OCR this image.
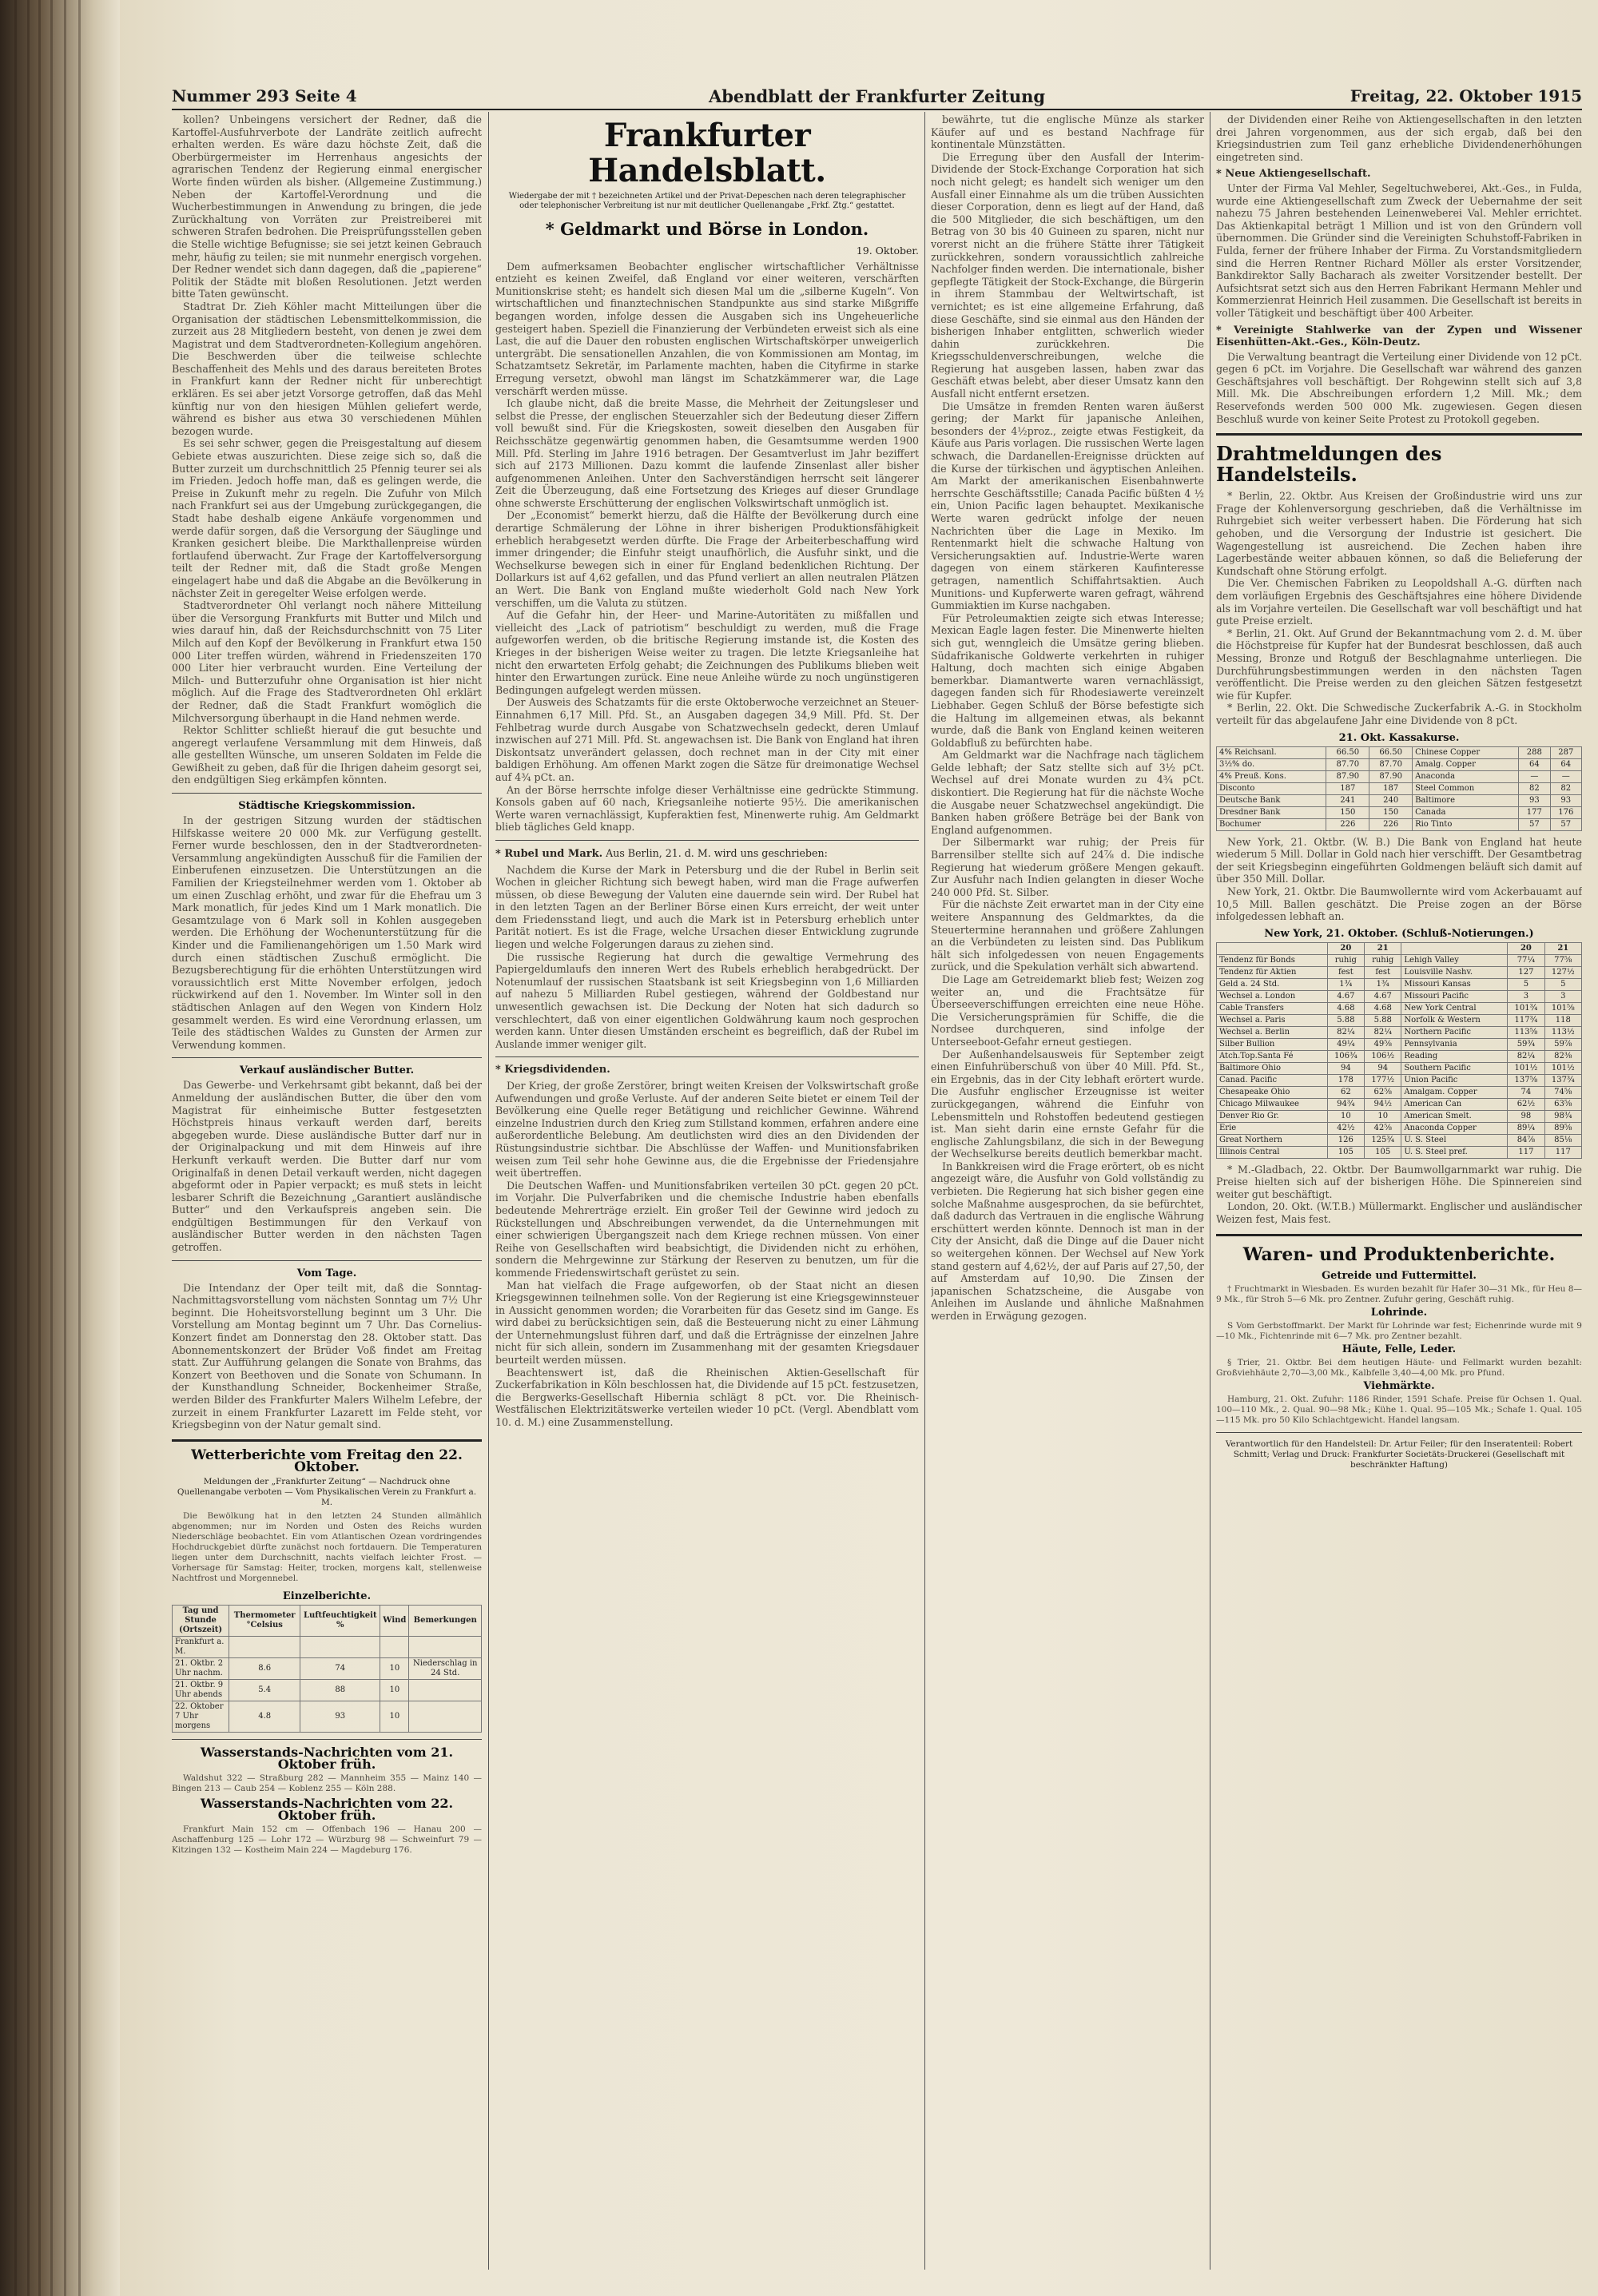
Nummer 293 Seite 4	Abendblatt der Frankfurter Zeitung	Freitag, 22. Oktober 1915

kollen? Unbeingens versichert der Redner, daß die Kartoffel-Ausfuhrverbote der Landräte zeitlich aufrecht erhalten werden. Es wäre dazu höchste Zeit, daß die Oberbürgermeister im Herrenhaus angesichts der agrarischen Tendenz der Regierung einmal energischer Worte finden würden als bisher. (Allgemeine Zustimmung.) Neben der Kartoffel-Verordnung und die Wucherbestimmungen in Anwendung zu bringen, die jede Zurückhaltung von Vorräten zur Preistreiberei mit schweren Strafen bedrohen. Die Preisprüfungsstellen geben die Stelle wichtige Befugnisse; sie sei jetzt keinen Gebrauch mehr, häufig zu teilen; sie mit nunmehr energisch vorgehen. Der Redner wendet sich dann dagegen, daß die „papierene“ Politik der Städte mit bloßen Resolutionen. Jetzt werden bitte Taten gewünscht.

Stadtrat Dr. Zieh Köhler macht Mitteilungen über die Organisation der städtischen Lebensmittelkommission, die zurzeit aus 28 Mitgliedern besteht, von denen je zwei dem Magistrat und dem Stadtverordneten-Kollegium angehören. Die Beschwerden über die teilweise schlechte Beschaffenheit des Mehls und des daraus bereiteten Brotes in Frankfurt kann der Redner nicht für unberechtigt erklären. Es sei aber jetzt Vorsorge getroffen, daß das Mehl künftig nur von den hiesigen Mühlen geliefert werde, während es bisher aus etwa 30 verschiedenen Mühlen bezogen wurde.

Es sei sehr schwer, gegen die Preisgestaltung auf diesem Gebiete etwas auszurichten. Diese zeige sich so, daß die Butter zurzeit um durchschnittlich 25 Pfennig teurer sei als im Frieden. Jedoch hoffe man, daß es gelingen werde, die Preise in Zukunft mehr zu regeln. Die Zufuhr von Milch nach Frankfurt sei aus der Umgebung zurückgegangen, die Stadt habe deshalb eigene Ankäufe vorgenommen und werde dafür sorgen, daß die Versorgung der Säuglinge und Kranken gesichert bleibe. Die Markthallenpreise würden fortlaufend überwacht. Zur Frage der Kartoffelversorgung teilt der Redner mit, daß die Stadt große Mengen eingelagert habe und daß die Abgabe an die Bevölkerung in nächster Zeit in geregelter Weise erfolgen werde.

Stadtverordneter Ohl verlangt noch nähere Mitteilung über die Versorgung Frankfurts mit Butter und Milch und wies darauf hin, daß der Reichsdurchschnitt von 75 Liter Milch auf den Kopf der Bevölkerung in Frankfurt etwa 150 000 Liter treffen würden, während in Friedenszeiten 170 000 Liter hier verbraucht wurden. Eine Verteilung der Milch- und Butterzufuhr ohne Organisation ist hier nicht möglich. Auf die Frage des Stadtverordneten Ohl erklärt der Redner, daß die Stadt Frankfurt womöglich die Milchversorgung überhaupt in die Hand nehmen werde.

Rektor Schlitter schließt hierauf die gut besuchte und angeregt verlaufene Versammlung mit dem Hinweis, daß alle gestellten Wünsche, um unseren Soldaten im Felde die Gewißheit zu geben, daß für die Ihrigen daheim gesorgt sei, den endgültigen Sieg erkämpfen könnten.

Städtische Kriegskommission.

In der gestrigen Sitzung wurden der städtischen Hilfskasse weitere 20 000 Mk. zur Verfügung gestellt. Ferner wurde beschlossen, den in der Stadtverordneten-Versammlung angekündigten Ausschuß für die Familien der Einberufenen einzusetzen. Die Unterstützungen an die Familien der Kriegsteilnehmer werden vom 1. Oktober ab um einen Zuschlag erhöht, und zwar für die Ehefrau um 3 Mark monatlich, für jedes Kind um 1 Mark monatlich. Die Gesamtzulage von 6 Mark soll in Kohlen ausgegeben werden. Die Erhöhung der Wochenunterstützung für die Kinder und die Familienangehörigen um 1.50 Mark wird durch einen städtischen Zuschuß ermöglicht. Die Bezugsberechtigung für die erhöhten Unterstützungen wird voraussichtlich erst Mitte November erfolgen, jedoch rückwirkend auf den 1. November. Im Winter soll in den städtischen Anlagen auf den Wegen von Kindern Holz gesammelt werden. Es wird eine Verordnung erlassen, um Teile des städtischen Waldes zu Gunsten der Armen zur Verwendung kommen.

Verkauf ausländischer Butter.

Das Gewerbe- und Verkehrsamt gibt bekannt, daß bei der Anmeldung der ausländischen Butter, die über den vom Magistrat für einheimische Butter festgesetzten Höchstpreis hinaus verkauft werden darf, bereits abgegeben wurde. Diese ausländische Butter darf nur in der Originalpackung und mit dem Hinweis auf ihre Herkunft verkauft werden. Die Butter darf nur vom Originalfaß in denen Detail verkauft werden, nicht dagegen abgeformt oder in Papier verpackt; es muß stets in leicht lesbarer Schrift die Bezeichnung „Garantiert ausländische Butter“ und den Verkaufspreis angeben sein. Die endgültigen Bestimmungen für den Verkauf von ausländischer Butter werden in den nächsten Tagen getroffen.

Vom Tage.

Die Intendanz der Oper teilt mit, daß die Sonntag-Nachmittagsvorstellung vom nächsten Sonntag um 7½ Uhr beginnt. Die Hoheitsvorstellung beginnt um 3 Uhr. Die Vorstellung am Montag beginnt um 7 Uhr. Das Cornelius-Konzert findet am Donnerstag den 28. Oktober statt. Das Abonnementskonzert der Brüder Voß findet am Freitag statt. Zur Aufführung gelangen die Sonate von Brahms, das Konzert von Beethoven und die Sonate von Schumann. In der Kunsthandlung Schneider, Bockenheimer Straße, werden Bilder des Frankfurter Malers Wilhelm Lefebre, der zurzeit in einem Frankfurter Lazarett im Felde steht, vor Kriegsbeginn von der Natur gemalt sind.

Wetterberichte vom Freitag den 22. Oktober.
Meldungen der „Frankfurter Zeitung“ — Nachdruck ohne Quellenangabe verboten — Vom Physikalischen Verein zu Frankfurt a. M.

Die Bewölkung hat in den letzten 24 Stunden allmählich abgenommen; nur im Norden und Osten des Reichs wurden Niederschläge beobachtet. Ein vom Atlantischen Ozean vordringendes Hochdruckgebiet dürfte zunächst noch fortdauern. Die Temperaturen liegen unter dem Durchschnitt, nachts vielfach leichter Frost. — Vorhersage für Samstag: Heiter, trocken, morgens kalt, stellenweise Nachtfrost und Morgennebel.

Einzelberichte.
Tag und Stunde (Ortszeit)	Thermometer °Celsius	Luftfeuchtigkeit %	Wind	Bemerkungen
Frankfurt a. M.				
21. Oktbr. 2 Uhr nachm.	8.6	74	10	Niederschlag in 24 Std.
21. Oktbr. 9 Uhr abends	5.4	88	10	
22. Oktober 7 Uhr morgens	4.8	93	10	
Wasserstands-Nachrichten vom 21. Oktober früh.

Waldshut 322 — Straßburg 282 — Mannheim 355 — Mainz 140 — Bingen 213 — Caub 254 — Koblenz 255 — Köln 288.

Wasserstands-Nachrichten vom 22. Oktober früh.

Frankfurt Main 152 cm — Offenbach 196 — Hanau 200 — Aschaffenburg 125 — Lohr 172 — Würzburg 98 — Schweinfurt 79 — Kitzingen 132 — Kostheim Main 224 — Magdeburg 176.

Frankfurter Handelsblatt.
Wiedergabe der mit † bezeichneten Artikel und der Privat-Depeschen nach deren telegraphischer oder telephonischer Verbreitung ist nur mit deutlicher Quellenangabe „Frkf. Ztg.“ gestattet.
* Geldmarkt und Börse in London.
19. Oktober.

Dem aufmerksamen Beobachter englischer wirtschaftlicher Verhältnisse entzieht es keinen Zweifel, daß England vor einer weiteren, verschärften Munitionskrise steht; es handelt sich diesen Mal um die „silberne Kugeln“. Von wirtschaftlichen und finanztechnischen Standpunkte aus sind starke Mißgriffe begangen worden, infolge dessen die Ausgaben sich ins Ungeheuerliche gesteigert haben. Speziell die Finanzierung der Verbündeten erweist sich als eine Last, die auf die Dauer den robusten englischen Wirtschaftskörper unweigerlich untergräbt. Die sensationellen Anzahlen, die von Kommissionen am Montag, im Schatzamtsetz Sekretär, im Parlamente machten, haben die Cityfirme in starke Erregung versetzt, obwohl man längst im Schatzkämmerer war, die Lage verschärft werden müsse.

Ich glaube nicht, daß die breite Masse, die Mehrheit der Zeitungsleser und selbst die Presse, der englischen Steuerzahler sich der Bedeutung dieser Ziffern voll bewußt sind. Für die Kriegskosten, soweit dieselben den Ausgaben für Reichsschätze gegenwärtig genommen haben, die Gesamtsumme werden 1900 Mill. Pfd. Sterling im Jahre 1916 betragen. Der Gesamtverlust im Jahr beziffert sich auf 2173 Millionen. Dazu kommt die laufende Zinsenlast aller bisher aufgenommenen Anleihen. Unter den Sachverständigen herrscht seit längerer Zeit die Überzeugung, daß eine Fortsetzung des Krieges auf dieser Grundlage ohne schwerste Erschütterung der englischen Volkswirtschaft unmöglich ist.

Der „Economist“ bemerkt hierzu, daß die Hälfte der Bevölkerung durch eine derartige Schmälerung der Löhne in ihrer bisherigen Produktionsfähigkeit erheblich herabgesetzt werden dürfte. Die Frage der Arbeiterbeschaffung wird immer dringender; die Einfuhr steigt unaufhörlich, die Ausfuhr sinkt, und die Wechselkurse bewegen sich in einer für England bedenklichen Richtung. Der Dollarkurs ist auf 4,62 gefallen, und das Pfund verliert an allen neutralen Plätzen an Wert. Die Bank von England mußte wiederholt Gold nach New York verschiffen, um die Valuta zu stützen.

Auf die Gefahr hin, der Heer- und Marine-Autoritäten zu mißfallen und vielleicht des „Lack of patriotism“ beschuldigt zu werden, muß die Frage aufgeworfen werden, ob die britische Regierung imstande ist, die Kosten des Krieges in der bisherigen Weise weiter zu tragen. Die letzte Kriegsanleihe hat nicht den erwarteten Erfolg gehabt; die Zeichnungen des Publikums blieben weit hinter den Erwartungen zurück. Eine neue Anleihe würde zu noch ungünstigeren Bedingungen aufgelegt werden müssen.

Der Ausweis des Schatzamts für die erste Oktoberwoche verzeichnet an Steuer-Einnahmen 6,17 Mill. Pfd. St., an Ausgaben dagegen 34,9 Mill. Pfd. St. Der Fehlbetrag wurde durch Ausgabe von Schatzwechseln gedeckt, deren Umlauf inzwischen auf 271 Mill. Pfd. St. angewachsen ist. Die Bank von England hat ihren Diskontsatz unverändert gelassen, doch rechnet man in der City mit einer baldigen Erhöhung. Am offenen Markt zogen die Sätze für dreimonatige Wechsel auf 4¾ pCt. an.

An der Börse herrschte infolge dieser Verhältnisse eine gedrückte Stimmung. Konsols gaben auf 60 nach, Kriegsanleihe notierte 95½. Die amerikanischen Werte waren vernachlässigt, Kupferaktien fest, Minenwerte ruhig. Am Geldmarkt blieb tägliches Geld knapp.

* Rubel und Mark. Aus Berlin, 21. d. M. wird uns geschrieben:

Nachdem die Kurse der Mark in Petersburg und die der Rubel in Berlin seit Wochen in gleicher Richtung sich bewegt haben, wird man die Frage aufwerfen müssen, ob diese Bewegung der Valuten eine dauernde sein wird. Der Rubel hat in den letzten Tagen an der Berliner Börse einen Kurs erreicht, der weit unter dem Friedensstand liegt, und auch die Mark ist in Petersburg erheblich unter Parität notiert. Es ist die Frage, welche Ursachen dieser Entwicklung zugrunde liegen und welche Folgerungen daraus zu ziehen sind.

Die russische Regierung hat durch die gewaltige Vermehrung des Papiergeldumlaufs den inneren Wert des Rubels erheblich herabgedrückt. Der Notenumlauf der russischen Staatsbank ist seit Kriegsbeginn von 1,6 Milliarden auf nahezu 5 Milliarden Rubel gestiegen, während der Goldbestand nur unwesentlich gewachsen ist. Die Deckung der Noten hat sich dadurch so verschlechtert, daß von einer eigentlichen Goldwährung kaum noch gesprochen werden kann. Unter diesen Umständen erscheint es begreiflich, daß der Rubel im Auslande immer weniger gilt.

* Kriegsdividenden.

Der Krieg, der große Zerstörer, bringt weiten Kreisen der Volkswirtschaft große Aufwendungen und große Verluste. Auf der anderen Seite bietet er einem Teil der Bevölkerung eine Quelle reger Betätigung und reichlicher Gewinne. Während einzelne Industrien durch den Krieg zum Stillstand kommen, erfahren andere eine außerordentliche Belebung. Am deutlichsten wird dies an den Dividenden der Rüstungsindustrie sichtbar. Die Abschlüsse der Waffen- und Munitionsfabriken weisen zum Teil sehr hohe Gewinne aus, die die Ergebnisse der Friedensjahre weit übertreffen.

Die Deutschen Waffen- und Munitionsfabriken verteilen 30 pCt. gegen 20 pCt. im Vorjahr. Die Pulverfabriken und die chemische Industrie haben ebenfalls bedeutende Mehrerträge erzielt. Ein großer Teil der Gewinne wird jedoch zu Rückstellungen und Abschreibungen verwendet, da die Unternehmungen mit einer schwierigen Übergangszeit nach dem Kriege rechnen müssen. Von einer Reihe von Gesellschaften wird beabsichtigt, die Dividenden nicht zu erhöhen, sondern die Mehrgewinne zur Stärkung der Reserven zu benutzen, um für die kommende Friedenswirtschaft gerüstet zu sein.

Man hat vielfach die Frage aufgeworfen, ob der Staat nicht an diesen Kriegsgewinnen teilnehmen solle. Von der Regierung ist eine Kriegsgewinnsteuer in Aussicht genommen worden; die Vorarbeiten für das Gesetz sind im Gange. Es wird dabei zu berücksichtigen sein, daß die Besteuerung nicht zu einer Lähmung der Unternehmungslust führen darf, und daß die Erträgnisse der einzelnen Jahre nicht für sich allein, sondern im Zusammenhang mit der gesamten Kriegsdauer beurteilt werden müssen.

Beachtenswert ist, daß die Rheinischen Aktien-Gesellschaft für Zuckerfabrikation in Köln beschlossen hat, die Dividende auf 15 pCt. festzusetzen, die Bergwerks-Gesellschaft Hibernia schlägt 8 pCt. vor. Die Rheinisch-Westfälischen Elektrizitätswerke verteilen wieder 10 pCt. (Vergl. Abendblatt vom 10. d. M.) eine Zusammenstellung.

bewährte, tut die englische Münze als starker Käufer auf und es bestand Nachfrage für kontinentale Münzstätten.

Die Erregung über den Ausfall der Interim-Dividende der Stock-Exchange Corporation hat sich noch nicht gelegt; es handelt sich weniger um den Ausfall einer Einnahme als um die trüben Aussichten dieser Corporation, denn es liegt auf der Hand, daß die 500 Mitglieder, die sich beschäftigen, um den Betrag von 30 bis 40 Guineen zu sparen, nicht nur vorerst nicht an die frühere Stätte ihrer Tätigkeit zurückkehren, sondern voraussichtlich zahlreiche Nachfolger finden werden. Die internationale, bisher gepflegte Tätigkeit der Stock-Exchange, die Bürgerin in ihrem Stammbau der Weltwirtschaft, ist vernichtet; es ist eine allgemeine Erfahrung, daß diese Geschäfte, sind sie einmal aus den Händen der bisherigen Inhaber entglitten, schwerlich wieder dahin zurückkehren. Die Kriegsschuldenverschreibungen, welche die Regierung hat ausgeben lassen, haben zwar das Geschäft etwas belebt, aber dieser Umsatz kann den Ausfall nicht entfernt ersetzen.

Die Umsätze in fremden Renten waren äußerst gering; der Markt für japanische Anleihen, besonders der 4½proz., zeigte etwas Festigkeit, da Käufe aus Paris vorlagen. Die russischen Werte lagen schwach, die Dardanellen-Ereignisse drückten auf die Kurse der türkischen und ägyptischen Anleihen. Am Markt der amerikanischen Eisenbahnwerte herrschte Geschäftsstille; Canada Pacific büßten 4 ½ ein, Union Pacific lagen behauptet. Mexikanische Werte waren gedrückt infolge der neuen Nachrichten über die Lage in Mexiko. Im Rentenmarkt hielt die schwache Haltung von Versicherungsaktien auf. Industrie-Werte waren dagegen von einem stärkeren Kaufinteresse getragen, namentlich Schiffahrtsaktien. Auch Munitions- und Kupferwerte waren gefragt, während Gummiaktien im Kurse nachgaben.

Für Petroleumaktien zeigte sich etwas Interesse; Mexican Eagle lagen fester. Die Minenwerte hielten sich gut, wenngleich die Umsätze gering blieben. Südafrikanische Goldwerte verkehrten in ruhiger Haltung, doch machten sich einige Abgaben bemerkbar. Diamantwerte waren vernachlässigt, dagegen fanden sich für Rhodesiawerte vereinzelt Liebhaber. Gegen Schluß der Börse befestigte sich die Haltung im allgemeinen etwas, als bekannt wurde, daß die Bank von England keinen weiteren Goldabfluß zu befürchten habe.

Am Geldmarkt war die Nachfrage nach täglichem Gelde lebhaft; der Satz stellte sich auf 3½ pCt. Wechsel auf drei Monate wurden zu 4¾ pCt. diskontiert. Die Regierung hat für die nächste Woche die Ausgabe neuer Schatzwechsel angekündigt. Die Banken haben größere Beträge bei der Bank von England aufgenommen.

Der Silbermarkt war ruhig; der Preis für Barrensilber stellte sich auf 24⅞ d. Die indische Regierung hat wiederum größere Mengen gekauft. Zur Ausfuhr nach Indien gelangten in dieser Woche 240 000 Pfd. St. Silber.

Für die nächste Zeit erwartet man in der City eine weitere Anspannung des Geldmarktes, da die Steuertermine herannahen und größere Zahlungen an die Verbündeten zu leisten sind. Das Publikum hält sich infolgedessen von neuen Engagements zurück, und die Spekulation verhält sich abwartend.

Die Lage am Getreidemarkt blieb fest; Weizen zog weiter an, und die Frachtsätze für Überseeverschiffungen erreichten eine neue Höhe. Die Versicherungsprämien für Schiffe, die die Nordsee durchqueren, sind infolge der Unterseeboot-Gefahr erneut gestiegen.

Der Außenhandelsausweis für September zeigt einen Einfuhrüberschuß von über 40 Mill. Pfd. St., ein Ergebnis, das in der City lebhaft erörtert wurde. Die Ausfuhr englischer Erzeugnisse ist weiter zurückgegangen, während die Einfuhr von Lebensmitteln und Rohstoffen bedeutend gestiegen ist. Man sieht darin eine ernste Gefahr für die englische Zahlungsbilanz, die sich in der Bewegung der Wechselkurse bereits deutlich bemerkbar macht.

In Bankkreisen wird die Frage erörtert, ob es nicht angezeigt wäre, die Ausfuhr von Gold vollständig zu verbieten. Die Regierung hat sich bisher gegen eine solche Maßnahme ausgesprochen, da sie befürchtet, daß dadurch das Vertrauen in die englische Währung erschüttert werden könnte. Dennoch ist man in der City der Ansicht, daß die Dinge auf die Dauer nicht so weitergehen können. Der Wechsel auf New York stand gestern auf 4,62½, der auf Paris auf 27,50, der auf Amsterdam auf 10,90. Die Zinsen der japanischen Schatzscheine, die Ausgabe von Anleihen im Auslande und ähnliche Maßnahmen werden in Erwägung gezogen.

der Dividenden einer Reihe von Aktiengesellschaften in den letzten drei Jahren vorgenommen, aus der sich ergab, daß bei den Kriegsindustrien zum Teil ganz erhebliche Dividendenerhöhungen eingetreten sind.

* Neue Aktiengesellschaft.

Unter der Firma Val Mehler, Segeltuchweberei, Akt.-Ges., in Fulda, wurde eine Aktiengesellschaft zum Zweck der Uebernahme der seit nahezu 75 Jahren bestehenden Leinenweberei Val. Mehler errichtet. Das Aktienkapital beträgt 1 Million und ist von den Gründern voll übernommen. Die Gründer sind die Vereinigten Schuhstoff-Fabriken in Fulda, ferner der frühere Inhaber der Firma. Zu Vorstandsmitgliedern sind die Herren Rentner Richard Möller als erster Vorsitzender, Bankdirektor Sally Bacharach als zweiter Vorsitzender bestellt. Der Aufsichtsrat setzt sich aus den Herren Fabrikant Hermann Mehler und Kommerzienrat Heinrich Heil zusammen. Die Gesellschaft ist bereits in voller Tätigkeit und beschäftigt über 400 Arbeiter.

* Vereinigte Stahlwerke van der Zypen und Wissener Eisenhütten-Akt.-Ges., Köln-Deutz.

Die Verwaltung beantragt die Verteilung einer Dividende von 12 pCt. gegen 6 pCt. im Vorjahre. Die Gesellschaft war während des ganzen Geschäftsjahres voll beschäftigt. Der Rohgewinn stellt sich auf 3,8 Mill. Mk. Die Abschreibungen erfordern 1,2 Mill. Mk.; dem Reservefonds werden 500 000 Mk. zugewiesen. Gegen diesen Beschluß wurde von keiner Seite Protest zu Protokoll gegeben.

Drahtmeldungen des Handelsteils.

* Berlin, 22. Oktbr. Aus Kreisen der Großindustrie wird uns zur Frage der Kohlenversorgung geschrieben, daß die Verhältnisse im Ruhrgebiet sich weiter verbessert haben. Die Förderung hat sich gehoben, und die Versorgung der Industrie ist gesichert. Die Wagengestellung ist ausreichend. Die Zechen haben ihre Lagerbestände weiter abbauen können, so daß die Belieferung der Kundschaft ohne Störung erfolgt.

Die Ver. Chemischen Fabriken zu Leopoldshall A.-G. dürften nach dem vorläufigen Ergebnis des Geschäftsjahres eine höhere Dividende als im Vorjahre verteilen. Die Gesellschaft war voll beschäftigt und hat gute Preise erzielt.

* Berlin, 21. Okt. Auf Grund der Bekanntmachung vom 2. d. M. über die Höchstpreise für Kupfer hat der Bundesrat beschlossen, daß auch Messing, Bronze und Rotguß der Beschlagnahme unterliegen. Die Durchführungsbestimmungen werden in den nächsten Tagen veröffentlicht. Die Preise werden zu den gleichen Sätzen festgesetzt wie für Kupfer.

* Berlin, 22. Okt. Die Schwedische Zuckerfabrik A.-G. in Stockholm verteilt für das abgelaufene Jahr eine Dividende von 8 pCt.

21. Okt. Kassakurse.
4% Reichsanl.	66.50	66.50	Chinese Copper	288	287
3½% do.	87.70	87.70	Amalg. Copper	64	64
4% Preuß. Kons.	87.90	87.90	Anaconda	—	—
Disconto	187	187	Steel Common	82	82
Deutsche Bank	241	240	Baltimore	93	93
Dresdner Bank	150	150	Canada	177	176
Bochumer	226	226	Rio Tinto	57	57

New York, 21. Oktbr. (W. B.) Die Bank von England hat heute wiederum 5 Mill. Dollar in Gold nach hier verschifft. Der Gesamtbetrag der seit Kriegsbeginn eingeführten Goldmengen beläuft sich damit auf über 350 Mill. Dollar.

New York, 21. Oktbr. Die Baumwollernte wird vom Ackerbauamt auf 10,5 Mill. Ballen geschätzt. Die Preise zogen an der Börse infolgedessen lebhaft an.

New York, 21. Oktober. (Schluß-Notierungen.)
	20	21		20	21
Tendenz für Bonds	ruhig	ruhig	Lehigh Valley	77¼	77⅝
Tendenz für Aktien	fest	fest	Louisville Nashv.	127	127½
Geld a. 24 Std.	1¾	1¾	Missouri Kansas	5	5
Wechsel a. London	4.67	4.67	Missouri Pacific	3	3
Cable Transfers	4.68	4.68	New York Central	101¾	101⅝
Wechsel a. Paris	5.88	5.88	Norfolk & Western	117¾	118
Wechsel a. Berlin	82¼	82¼	Northern Pacific	113⅝	113½
Silber Bullion	49¼	49⅝	Pennsylvania	59¾	59⅞
Atch.Top.Santa Fé	106¾	106½	Reading	82¼	82⅜
Baltimore Ohio	94	94	Southern Pacific	101½	101½
Canad. Pacific	178	177½	Union Pacific	137⅝	137¾
Chesapeake Ohio	62	62⅝	Amalgam. Copper	74	74⅝
Chicago Milwaukee	94¾	94½	American Can	62½	63⅝
Denver Rio Gr.	10	10	American Smelt.	98	98¾
Erie	42½	42⅝	Anaconda Copper	89¼	89⅝
Great Northern	126	125¾	U. S. Steel	84⅞	85⅛
Illinois Central	105	105	U. S. Steel pref.	117	117

* M.-Gladbach, 22. Oktbr. Der Baumwollgarnmarkt war ruhig. Die Preise hielten sich auf der bisherigen Höhe. Die Spinnereien sind weiter gut beschäftigt.

London, 20. Okt. (W.T.B.) Müllermarkt. Englischer und ausländischer Weizen fest, Mais fest.

Waren- und Produktenberichte.
Getreide und Futtermittel.

† Fruchtmarkt in Wiesbaden. Es wurden bezahlt für Hafer 30—31 Mk., für Heu 8—9 Mk., für Stroh 5—6 Mk. pro Zentner. Zufuhr gering, Geschäft ruhig.

Lohrinde.

S Vom Gerbstoffmarkt. Der Markt für Lohrinde war fest; Eichenrinde wurde mit 9—10 Mk., Fichtenrinde mit 6—7 Mk. pro Zentner bezahlt.

Häute, Felle, Leder.

§ Trier, 21. Oktbr. Bei dem heutigen Häute- und Fellmarkt wurden bezahlt: Großviehhäute 2,70—3,00 Mk., Kalbfelle 3,40—4,00 Mk. pro Pfund.

Viehmärkte.

Hamburg, 21. Okt. Zufuhr: 1186 Rinder, 1591 Schafe. Preise für Ochsen 1. Qual. 100—110 Mk., 2. Qual. 90—98 Mk.; Kühe 1. Qual. 95—105 Mk.; Schafe 1. Qual. 105—115 Mk. pro 50 Kilo Schlachtgewicht. Handel langsam.

Verantwortlich für den Handelsteil: Dr. Artur Feiler; für den Inseratenteil: Robert Schmitt; Verlag und Druck: Frankfurter Societäts-Druckerei (Gesellschaft mit beschränkter Haftung)
